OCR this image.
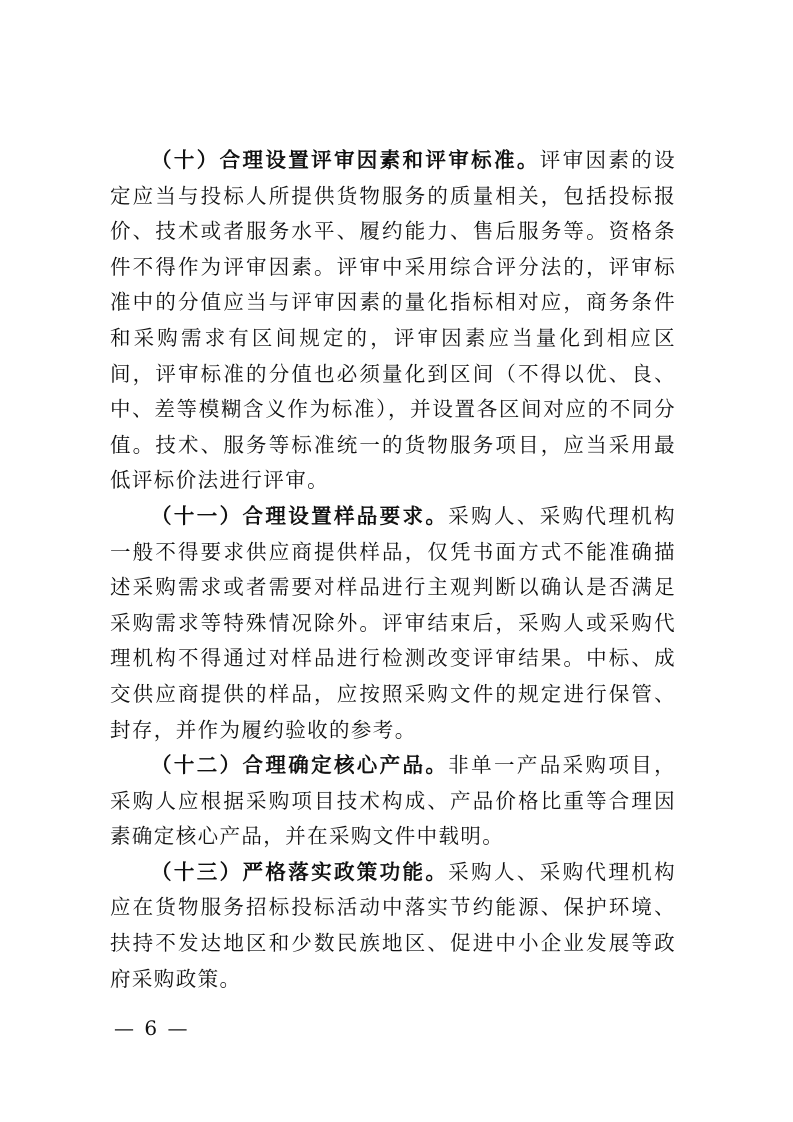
（十）合理设置评审因素和评审标准。评审因素的设定应当与投标人所提供货物服务的质量相关，包括投标报价、技术或者服务水平、履约能力、售后服务等。资格条件不得作为评审因素。评审中采用综合评分法的，评审标准中的分值应当与评审因素的量化指标相对应，商务条件和采购需求有区间规定的，评审因素应当量化到相应区间，评审标准的分值也必须量化到区间（不得以优、良、中、差等模糊含义作为标准），并设置各区间对应的不同分值。技术、服务等标准统一的货物服务项目，应当采用最低评标价法进行评审。

（十一）合理设置样品要求。采购人、采购代理机构一般不得要求供应商提供样品，仅凭书面方式不能准确描述采购需求或者需要对样品进行主观判断以确认是否满足采购需求等特殊情况除外。评审结束后，采购人或采购代理机构不得通过对样品进行检测改变评审结果。中标、成交供应商提供的样品，应按照采购文件的规定进行保管、封存，并作为履约验收的参考。

（十二）合理确定核心产品。非单一产品采购项目，采购人应根据采购项目技术构成、产品价格比重等合理因素确定核心产品，并在采购文件中载明。

（十三）严格落实政策功能。采购人、采购代理机构应在货物服务招标投标活动中落实节约能源、保护环境、扶持不发达地区和少数民族地区、促进中小企业发展等政府采购政策。

— 6 —
